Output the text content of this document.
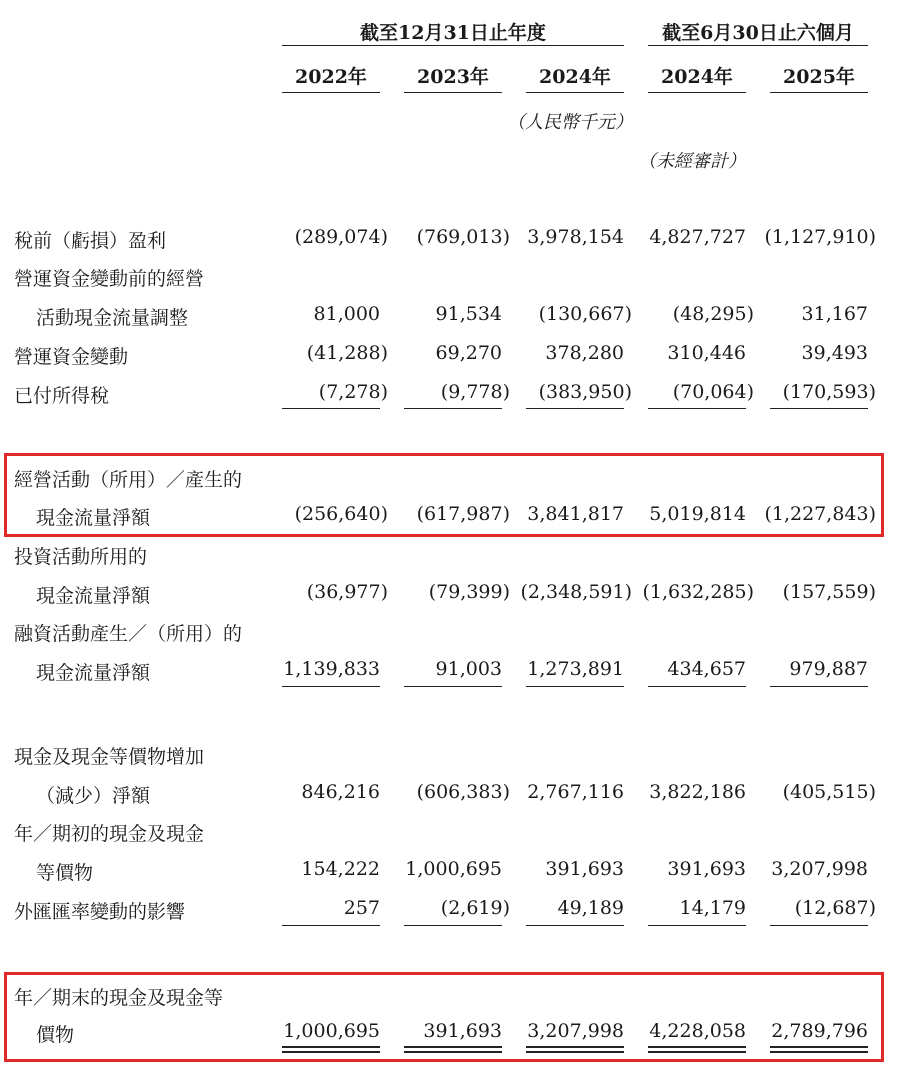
截至12月31日止年度	截至6月30日止六個月
2022年	2023年	2024年	2024年	2025年
（人民幣千元）
（未經審計）
稅前（虧損）盈利	(289,074)	(769,013) 3,978,154	4,827,727 (1,127,910)
營運資金變動前的經營
活動現金流量調整	81,000	91,534	(130,667)	(48,295)	31,167
營運資金變動	(41,288)	69,270	378,280	310,446	39,493
已付所得稅	(7,278)	(9,778)	(383,950)	(70,064)	(170,593)
經營活動（所用）／產生的
現金流量淨額	(256,640)	(617,987) 3,841,817	5,019,814 (1,227,843)
投資活動所用的
現金流量淨額	(36,977)	(79,399) (2,348,591) (1,632,285)	(157,559)
融資活動產生／（所用）的
現金流量淨額	1,139,833	91,003	1,273,891	434,657	979,887
現金及現金等價物增加
（減少）淨額	846,216	(606,383) 2,767,116	3,822,186	(405,515)
年／期初的現金及現金
等價物	154,222	1,000,695	391,693	391,693	3,207,998
外匯匯率變動的影響	257	(2,619)	49,189	14,179	(12,687)
年／期末的現金及現金等
價物	1,000,695	391,693	3,207,998	4,228,058	2,789,796
